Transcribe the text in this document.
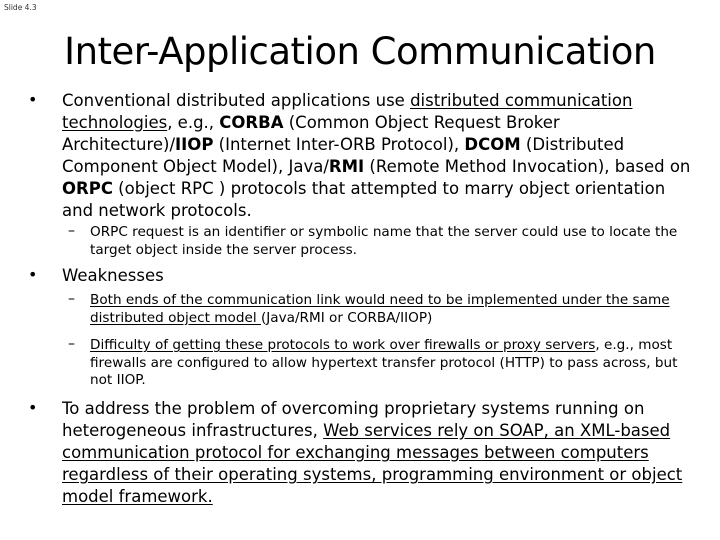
Slide 4.3
Inter-Application Communication
• Conventional distributed applications use distributed communication technologies, e.g., CORBA (Common Object Request Broker Architecture)/IIOP (Internet Inter-ORB Protocol), DCOM (Distributed Component Object Model), Java/RMI (Remote Method Invocation), based on ORPC (object RPC ) protocols that attempted to marry object orientation and network protocols.
– ORPC request is an identifier or symbolic name that the server could use to locate the target object inside the server process.
• Weaknesses
– Both ends of the communication link would need to be implemented under the same distributed object model (Java/RMI or CORBA/IIOP)
– Difficulty of getting these protocols to work over firewalls or proxy servers, e.g., most firewalls are configured to allow hypertext transfer protocol (HTTP) to pass across, but not IIOP.
• To address the problem of overcoming proprietary systems running on heterogeneous infrastructures, Web services rely on SOAP, an XML-based communication protocol for exchanging messages between computers regardless of their operating systems, programming environment or object model framework.
